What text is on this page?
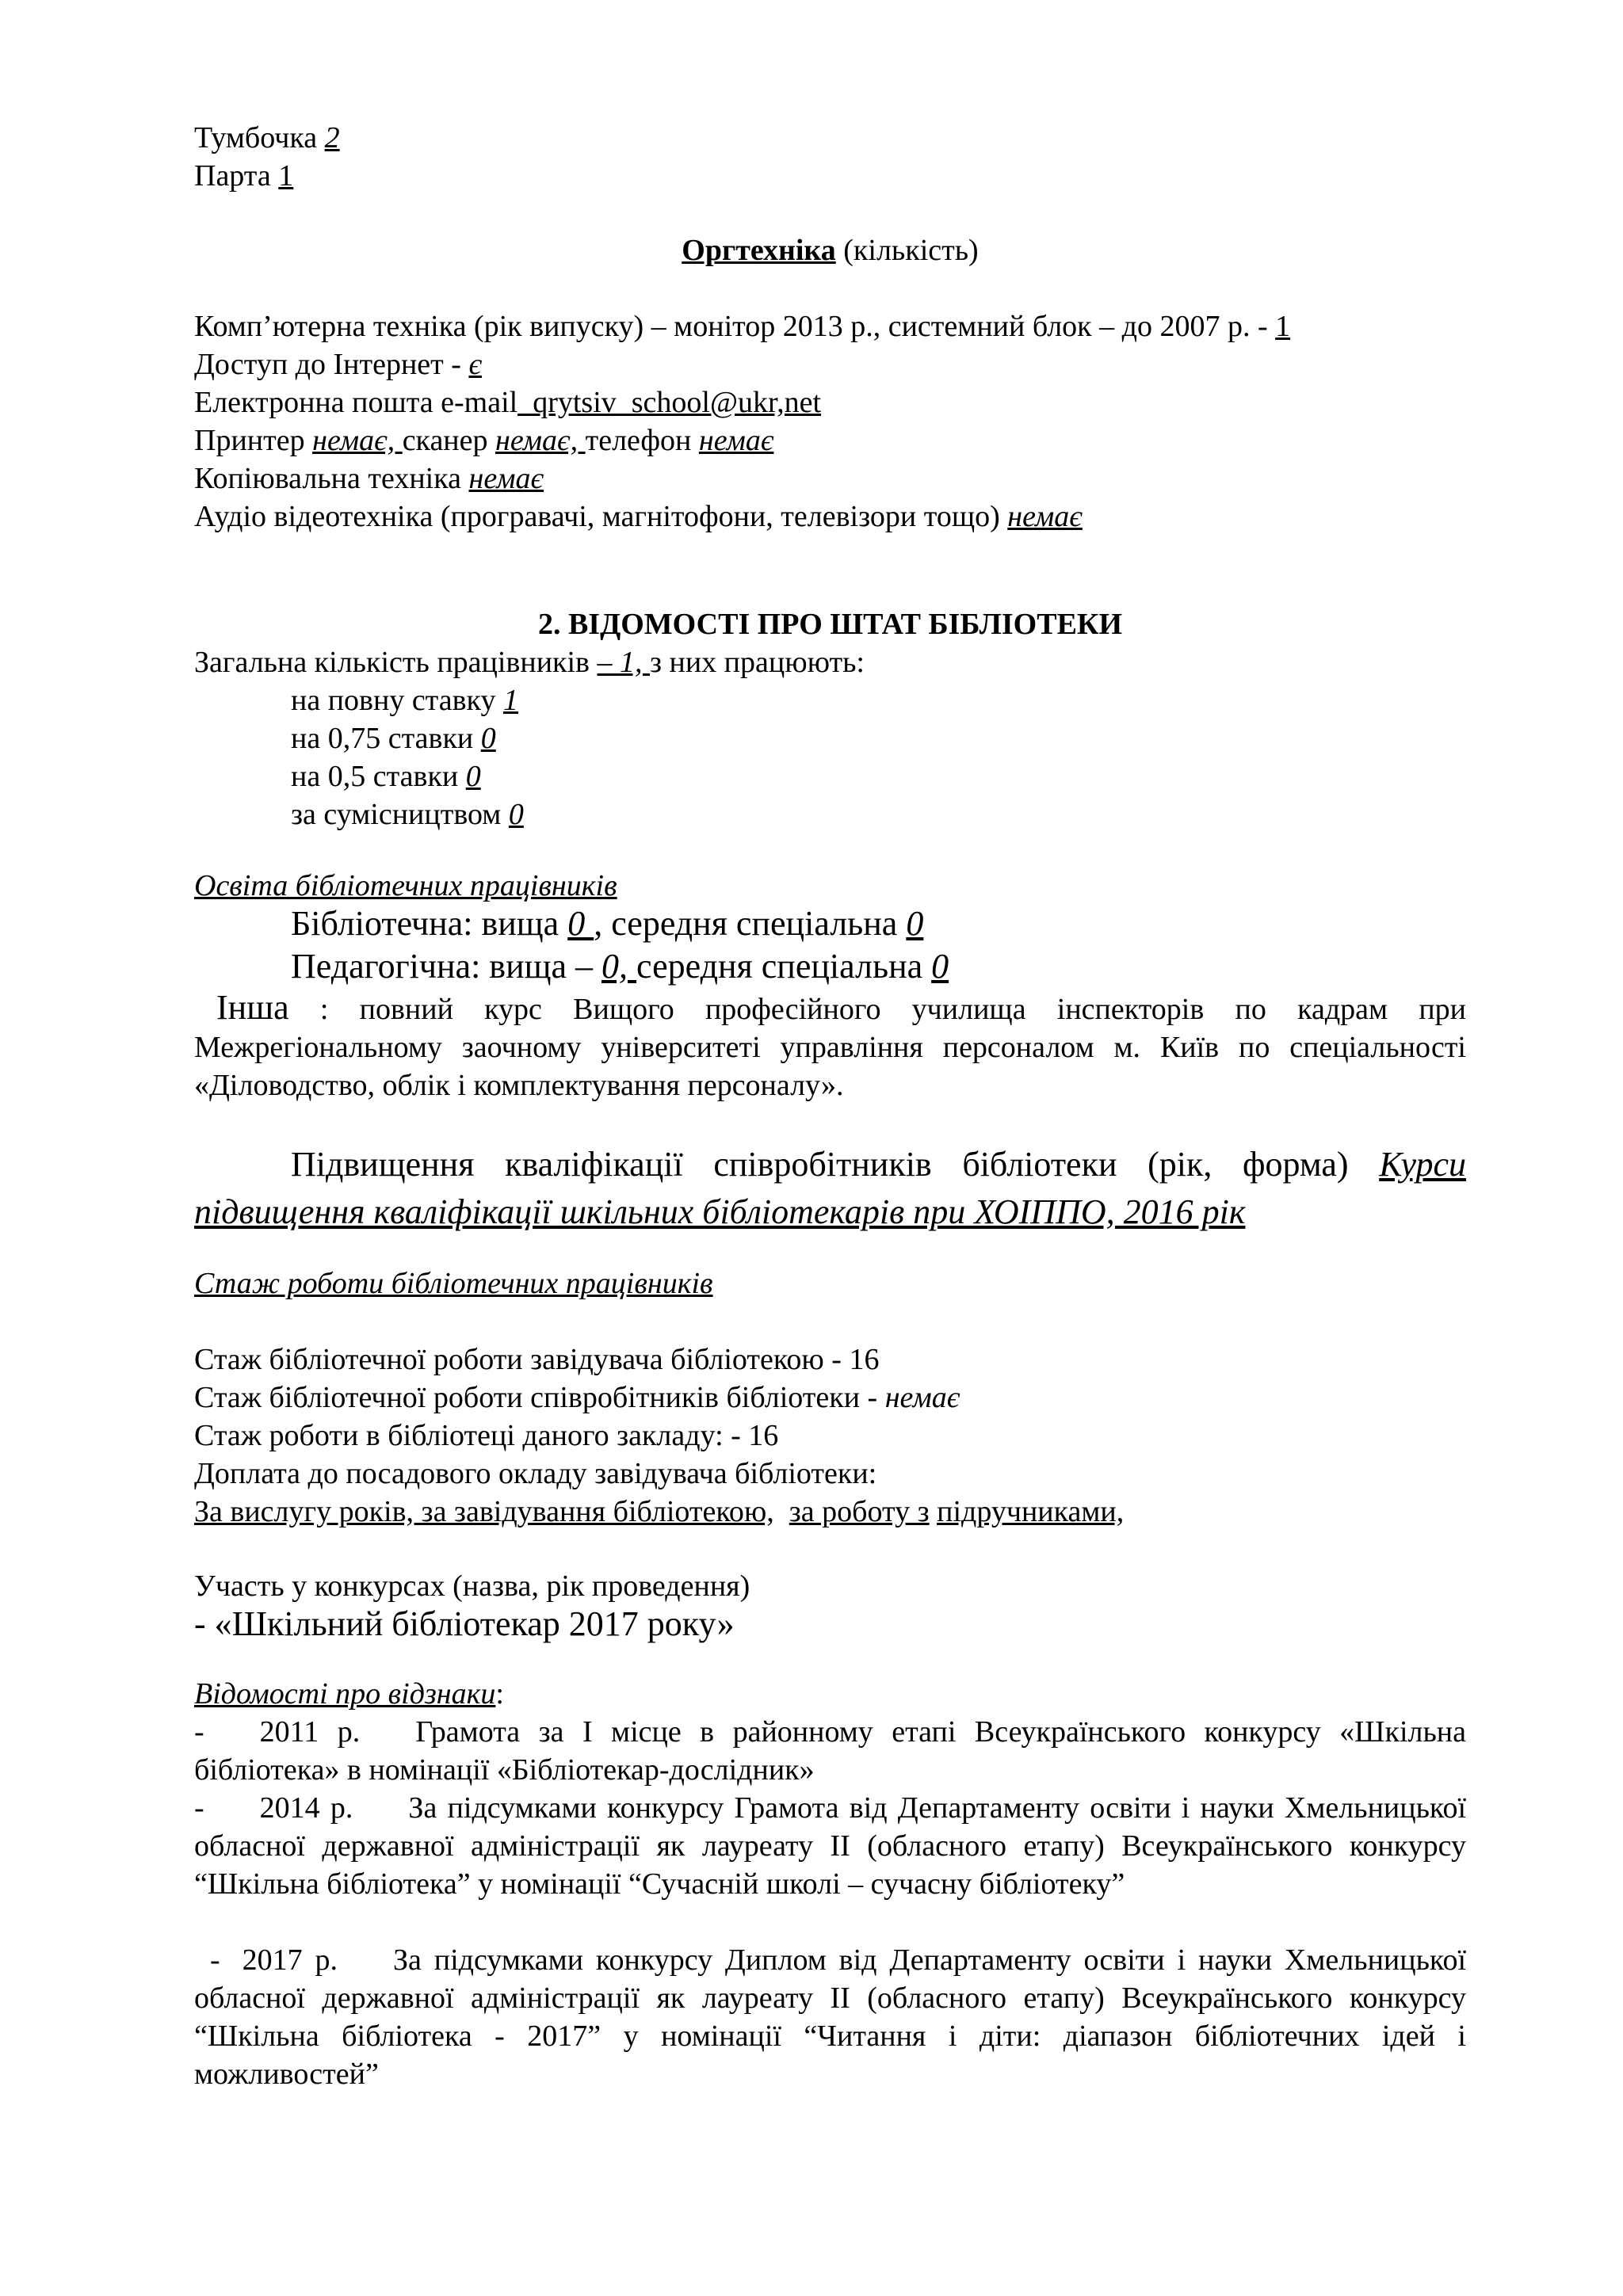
Тумбочка 2
Парта 1
Оргтехніка (кількість)
Комп’ютерна техніка (рік випуску) – монітор 2013 р., системний блок – до 2007 р. - 1
Доступ до Інтернет - є
Електронна пошта e-mail_qrytsiv_school@ukr,net
Принтер немає, сканер немає, телефон немає
Копіювальна техніка немає
Аудіо відеотехніка (програвачі, магнітофони, телевізори тощо) немає
2. ВІДОМОСТІ ПРО ШТАТ БІБЛІОТЕКИ
Загальна кількість працівників – 1, з них працюють:
на повну ставку 1
на 0,75 ставки 0
на 0,5 ставки 0
за сумісництвом 0
Освіта бібліотечних працівників
Бібліотечна: вища 0 , середня спеціальна 0
Педагогічна: вища – 0, середня спеціальна 0
Інша : повний курс Вищого професійного училища інспекторів по кадрам при Межрегіональному заочному університеті управління персоналом м. Київ по спеціальності «Діловодство, облік і комплектування персоналу».
Підвищення кваліфікації співробітників бібліотеки (рік, форма) Курси підвищення кваліфікації шкільних бібліотекарів при ХОІППО, 2016 рік
Стаж роботи бібліотечних працівників
Стаж бібліотечної роботи завідувача бібліотекою - 16
Стаж бібліотечної роботи співробітників бібліотеки - немає
Стаж роботи в бібліотеці даного закладу: - 16
Доплата до посадового окладу завідувача бібліотеки:
За вислугу років, за завідування бібліотекою, за роботу з підручниками,
Участь у конкурсах (назва, рік проведення)
- «Шкільний бібліотекар 2017 року»
Відомості про відзнаки:
- 2011 р. Грамота за І місце в районному етапі Всеукраїнського конкурсу «Шкільна бібліотека» в номінації «Бібліотекар-дослідник»
- 2014 р. За підсумками конкурсу Грамота від Департаменту освіти і науки Хмельницької обласної державної адміністрації як лауреату ІІ (обласного етапу) Всеукраїнського конкурсу “Шкільна бібліотека” у номінації “Сучасній школі – сучасну бібліотеку”
- 2017 р. За підсумками конкурсу Диплом від Департаменту освіти і науки Хмельницької обласної державної адміністрації як лауреату ІІ (обласного етапу) Всеукраїнського конкурсу “Шкільна бібліотека - 2017” у номінації “Читання і діти: діапазон бібліотечних ідей і можливостей”
